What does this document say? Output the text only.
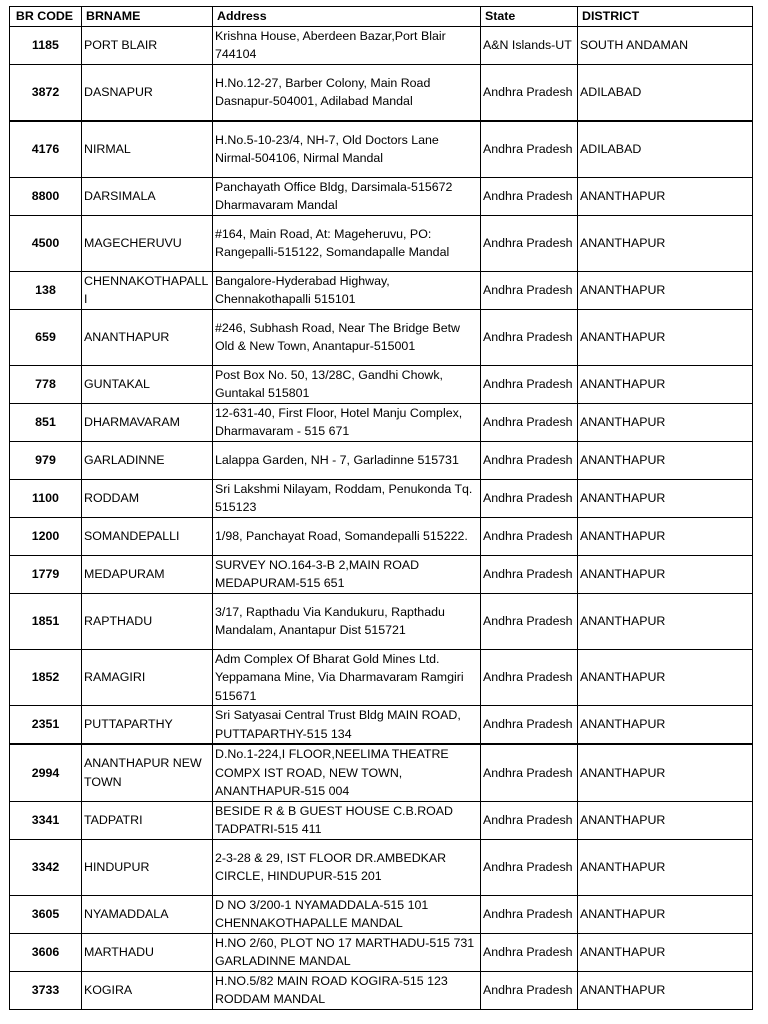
BR CODE	BRNAME	Address	State	DISTRICT
1185	PORT BLAIR	Krishna House, Aberdeen Bazar,Port Blair 744104	A&N Islands-UT	SOUTH ANDAMAN
3872	DASNAPUR	H.No.12-27, Barber Colony, Main Road Dasnapur-504001, Adilabad Mandal	Andhra Pradesh	ADILABAD
4176	NIRMAL	H.No.5-10-23/4, NH-7, Old Doctors Lane Nirmal-504106, Nirmal Mandal	Andhra Pradesh	ADILABAD
8800	DARSIMALA	Panchayath Office Bldg, Darsimala-515672 Dharmavaram Mandal	Andhra Pradesh	ANANTHAPUR
4500	MAGECHERUVU	#164, Main Road, At: Mageheruvu, PO: Rangepalli-515122, Somandapalle Mandal	Andhra Pradesh	ANANTHAPUR
138	CHENNAKOTHAPALLI	Bangalore-Hyderabad Highway, Chennakothapalli 515101	Andhra Pradesh	ANANTHAPUR
659	ANANTHAPUR	#246, Subhash Road, Near The Bridge Betw Old & New Town, Anantapur-515001	Andhra Pradesh	ANANTHAPUR
778	GUNTAKAL	Post Box No. 50, 13/28C, Gandhi Chowk, Guntakal 515801	Andhra Pradesh	ANANTHAPUR
851	DHARMAVARAM	12-631-40, First Floor, Hotel Manju Complex, Dharmavaram - 515 671	Andhra Pradesh	ANANTHAPUR
979	GARLADINNE	Lalappa Garden, NH - 7, Garladinne 515731	Andhra Pradesh	ANANTHAPUR
1100	RODDAM	Sri Lakshmi Nilayam, Roddam, Penukonda Tq. 515123	Andhra Pradesh	ANANTHAPUR
1200	SOMANDEPALLI	1/98, Panchayat Road, Somandepalli 515222.	Andhra Pradesh	ANANTHAPUR
1779	MEDAPURAM	SURVEY NO.164-3-B 2,MAIN ROAD MEDAPURAM-515 651	Andhra Pradesh	ANANTHAPUR
1851	RAPTHADU	3/17, Rapthadu Via Kandukuru, Rapthadu Mandalam, Anantapur Dist 515721	Andhra Pradesh	ANANTHAPUR
1852	RAMAGIRI	Adm Complex Of Bharat Gold Mines Ltd. Yeppamana Mine, Via Dharmavaram Ramgiri 515671	Andhra Pradesh	ANANTHAPUR
2351	PUTTAPARTHY	Sri Satyasai Central Trust Bldg MAIN ROAD, PUTTAPARTHY-515 134	Andhra Pradesh	ANANTHAPUR
2994	ANANTHAPUR NEW TOWN	D.No.1-224,I FLOOR,NEELIMA THEATRE COMPX IST ROAD, NEW TOWN, ANANTHAPUR-515 004	Andhra Pradesh	ANANTHAPUR
3341	TADPATRI	BESIDE R & B GUEST HOUSE C.B.ROAD TADPATRI-515 411	Andhra Pradesh	ANANTHAPUR
3342	HINDUPUR	2-3-28 & 29, IST FLOOR DR.AMBEDKAR CIRCLE, HINDUPUR-515 201	Andhra Pradesh	ANANTHAPUR
3605	NYAMADDALA	D NO 3/200-1 NYAMADDALA-515 101 CHENNAKOTHAPALLE MANDAL	Andhra Pradesh	ANANTHAPUR
3606	MARTHADU	H.NO 2/60, PLOT NO 17 MARTHADU-515 731 GARLADINNE MANDAL	Andhra Pradesh	ANANTHAPUR
3733	KOGIRA	H.NO.5/82 MAIN ROAD KOGIRA-515 123 RODDAM MANDAL	Andhra Pradesh	ANANTHAPUR
